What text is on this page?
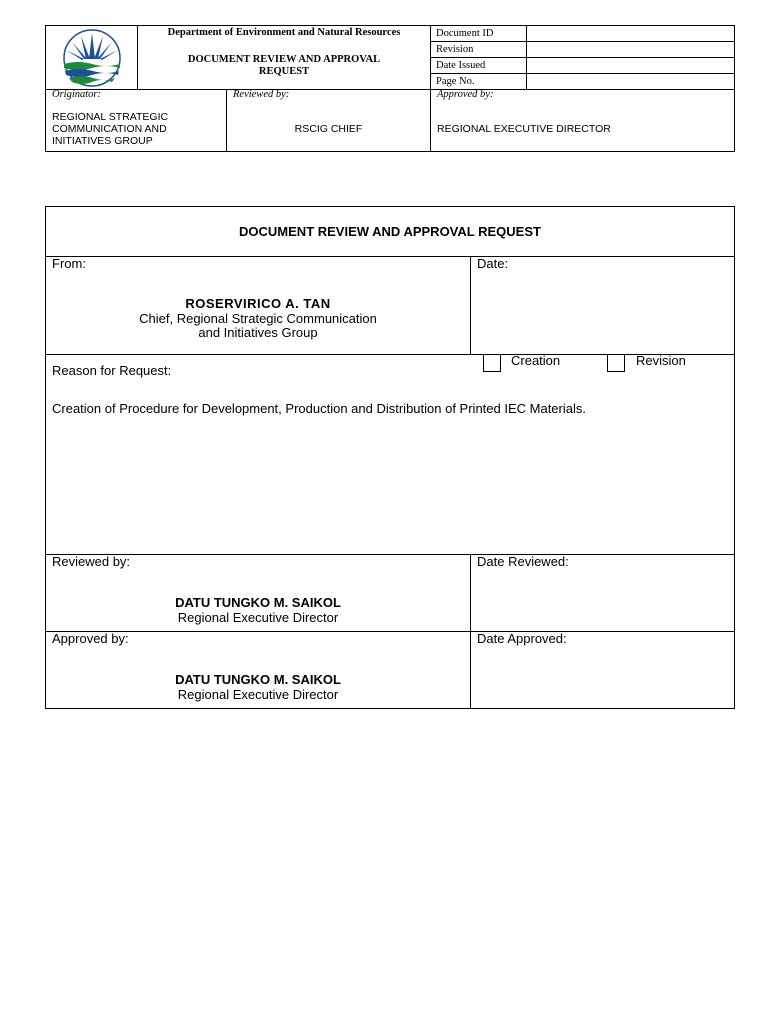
Department of Environment and Natural Resources
DOCUMENT REVIEW AND APPROVAL REQUEST
Document ID
Revision
Date Issued
Page No.
Originator:
REGIONAL STRATEGIC
COMMUNICATION AND
INITIATIVES GROUP
Reviewed by:
RSCIG CHIEF
Approved by:
REGIONAL EXECUTIVE DIRECTOR
DOCUMENT REVIEW AND APPROVAL REQUEST
From:
ROSERVIRICO A. TAN
Chief, Regional Strategic Communication
and Initiatives Group
Date:
Reason for Request:
Creation	Revision
Creation of Procedure for Development, Production and Distribution of Printed IEC Materials.
Reviewed by:
DATU TUNGKO M. SAIKOL
Regional Executive Director
Date Reviewed:
Approved by:
DATU TUNGKO M. SAIKOL
Regional Executive Director
Date Approved:
